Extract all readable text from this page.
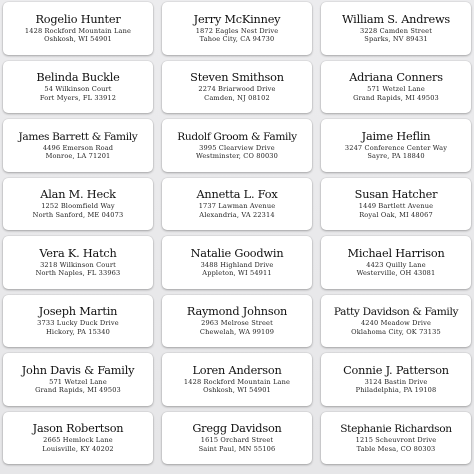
Rogelio Hunter
1428 Rockford Mountain Lane
Oshkosh, WI 54901
Jerry McKinney
1872 Eagles Nest Drive
Tahoe City, CA 94730
William S. Andrews
3228 Camden Street
Sparks, NV 89431
Belinda Buckle
54 Wilkinson Court
Fort Myers, FL 33912
Steven Smithson
2274 Briarwood Drive
Camden, NJ 08102
Adriana Conners
571 Wetzel Lane
Grand Rapids, MI 49503
James Barrett & Family
4496 Emerson Road
Monroe, LA 71201
Rudolf Groom & Family
3995 Clearview Drive
Westminster, CO 80030
Jaime Heflin
3247 Conference Center Way
Sayre, PA 18840
Alan M. Heck
1252 Bloomfield Way
North Sanford, ME 04073
Annetta L. Fox
1737 Lawman Avenue
Alexandria, VA 22314
Susan Hatcher
1449 Bartlett Avenue
Royal Oak, MI 48067
Vera K. Hatch
3218 Wilkinson Court
North Naples, FL 33963
Natalie Goodwin
3488 Highland Drive
Appleton, WI 54911
Michael Harrison
4423 Quilly Lane
Westerville, OH 43081
Joseph Martin
3733 Lucky Duck Drive
Hickory, PA 15340
Raymond Johnson
2963 Melrose Street
Chewelah, WA 99109
Patty Davidson & Family
4240 Meadow Drive
Oklahoma City, OK 73135
John Davis & Family
571 Wetzel Lane
Grand Rapids, MI 49503
Loren Anderson
1428 Rockford Mountain Lane
Oshkosh, WI 54901
Connie J. Patterson
3124 Bastin Drive
Philadelphia, PA 19108
Jason Robertson
2665 Hemlock Lane
Louisville, KY 40202
Gregg Davidson
1615 Orchard Street
Saint Paul, MN 55106
Stephanie Richardson
1215 Scheuvront Drive
Table Mesa, CO 80303
